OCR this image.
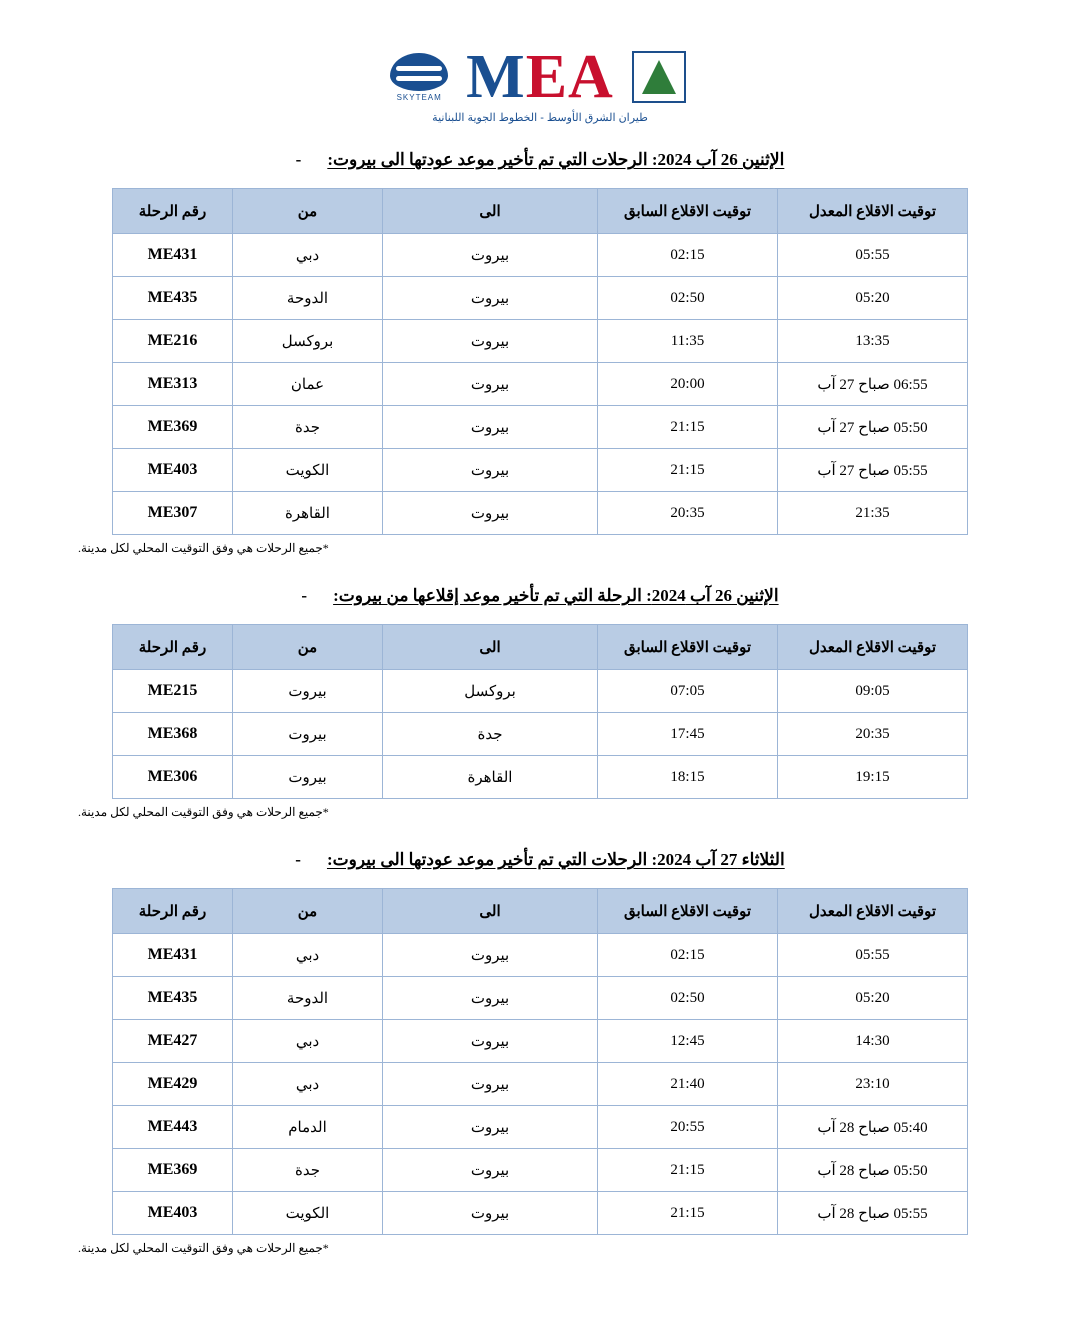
MEA
SKYTEAM
طيران الشرق الأوسط - الخطوط الجوية اللبنانية
الإثنين 26 آب 2024: الرحلات التي تم تأخير موعد عودتها الى بيروت:
-
توقيت الاقلاع المعدل	توقيت الاقلاع السابق	الى	من	رقم الرحلة
05:55	02:15	بيروت	دبي	ME431
05:20	02:50	بيروت	الدوحة	ME435
13:35	11:35	بيروت	بروكسل	ME216
06:55 صباح 27 آب	20:00	بيروت	عمان	ME313
05:50 صباح 27 آب	21:15	بيروت	جدة	ME369
05:55 صباح 27 آب	21:15	بيروت	الكويت	ME403
21:35	20:35	بيروت	القاهرة	ME307
*جميع الرحلات هي وفق التوقيت المحلي لكل مدينة.
الإثنين 26 آب 2024: الرحلة التي تم تأخير موعد إقلاعها من بيروت:
-
توقيت الاقلاع المعدل	توقيت الاقلاع السابق	الى	من	رقم الرحلة
09:05	07:05	بروكسل	بيروت	ME215
20:35	17:45	جدة	بيروت	ME368
19:15	18:15	القاهرة	بيروت	ME306
*جميع الرحلات هي وفق التوقيت المحلي لكل مدينة.
الثلاثاء 27 آب 2024: الرحلات التي تم تأخير موعد عودتها الى بيروت:
-
توقيت الاقلاع المعدل	توقيت الاقلاع السابق	الى	من	رقم الرحلة
05:55	02:15	بيروت	دبي	ME431
05:20	02:50	بيروت	الدوحة	ME435
14:30	12:45	بيروت	دبي	ME427
23:10	21:40	بيروت	دبي	ME429
05:40 صباح 28 آب	20:55	بيروت	الدمام	ME443
05:50 صباح 28 آب	21:15	بيروت	جدة	ME369
05:55 صباح 28 آب	21:15	بيروت	الكويت	ME403
*جميع الرحلات هي وفق التوقيت المحلي لكل مدينة.
